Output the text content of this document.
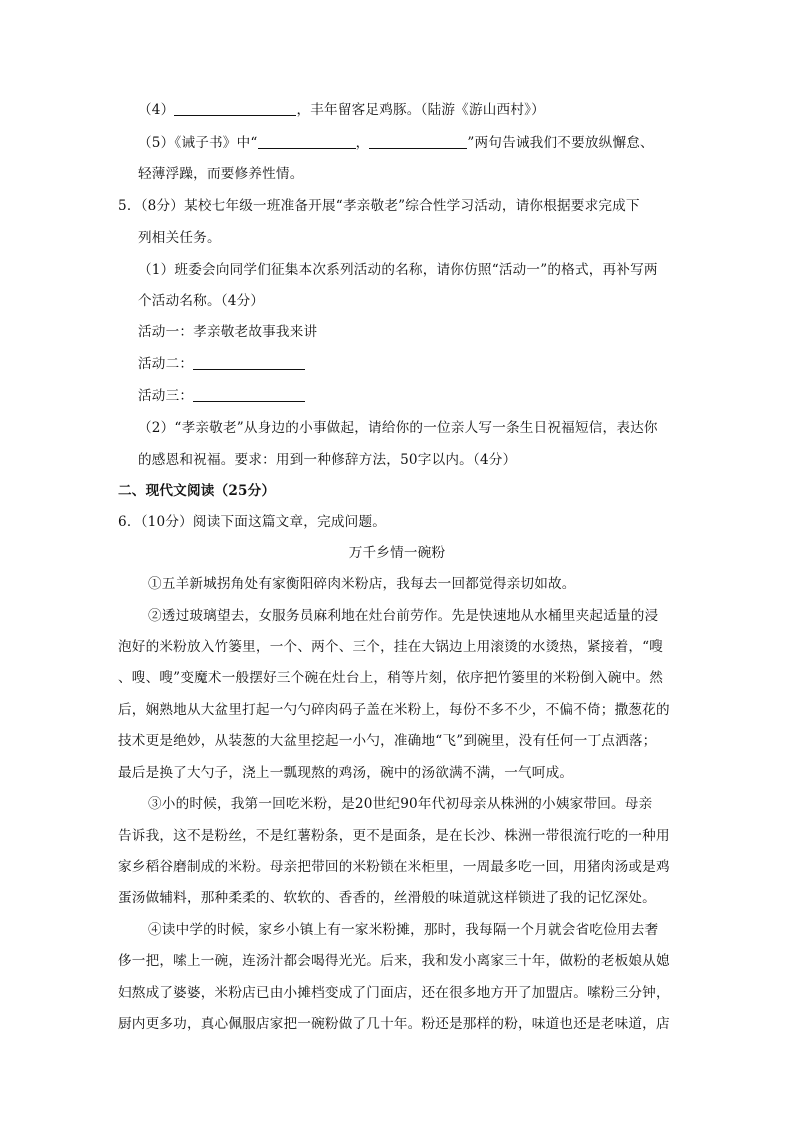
（4）	，丰年留客足鸡豚。（陆游《游山西村》）
（5）《诫子书》中“	，	”两句告诫我们不要放纵懈怠、
轻薄浮躁，而要修养性情。
5．（8分）某校七年级一班准备开展“孝亲敬老”综合性学习活动，请你根据要求完成下
列相关任务。
（1）班委会向同学们征集本次系列活动的名称，请你仿照“活动一”的格式，再补写两
个活动名称。（4分）
活动一：孝亲敬老故事我来讲
活动二：
活动三：
（2）“孝亲敬老”从身边的小事做起，请给你的一位亲人写一条生日祝福短信，表达你
的感恩和祝福。要求：用到一种修辞方法，50字以内。（4分）
二、现代文阅读（25分）
6．（10分）阅读下面这篇文章，完成问题。
万千乡情一碗粉
①五羊新城拐角处有家衡阳碎肉米粉店，我每去一回都觉得亲切如故。
②透过玻璃望去，女服务员麻利地在灶台前劳作。先是快速地从水桶里夹起适量的浸
泡好的米粉放入竹篓里，一个、两个、三个，挂在大锅边上用滚烫的水烫热，紧接着，“嗖
、嗖、嗖”变魔术一般摆好三个碗在灶台上，稍等片刻，依序把竹篓里的米粉倒入碗中。然
后，娴熟地从大盆里打起一勺勺碎肉码子盖在米粉上，每份不多不少，不偏不倚；撒葱花的
技术更是绝妙，从装葱的大盆里挖起一小勺，准确地“飞”到碗里，没有任何一丁点洒落；
最后是换了大勺子，浇上一瓢现熬的鸡汤，碗中的汤欲满不满，一气呵成。
③小的时候，我第一回吃米粉，是20世纪90年代初母亲从株洲的小姨家带回。母亲
告诉我，这不是粉丝，不是红薯粉条，更不是面条，是在长沙、株洲一带很流行吃的一种用
家乡稻谷磨制成的米粉。母亲把带回的米粉锁在米柜里，一周最多吃一回，用猪肉汤或是鸡
蛋汤做辅料，那种柔柔的、软软的、香香的，丝滑般的味道就这样锁进了我的记忆深处。
④读中学的时候，家乡小镇上有一家米粉摊，那时，我每隔一个月就会省吃俭用去奢
侈一把，嗦上一碗，连汤汁都会喝得光光。后来，我和发小离家三十年，做粉的老板娘从媳
妇熬成了婆婆，米粉店已由小摊档变成了门面店，还在很多地方开了加盟店。嗦粉三分钟，
厨内更多功，真心佩服店家把一碗粉做了几十年。粉还是那样的粉，味道也还是老味道，店
